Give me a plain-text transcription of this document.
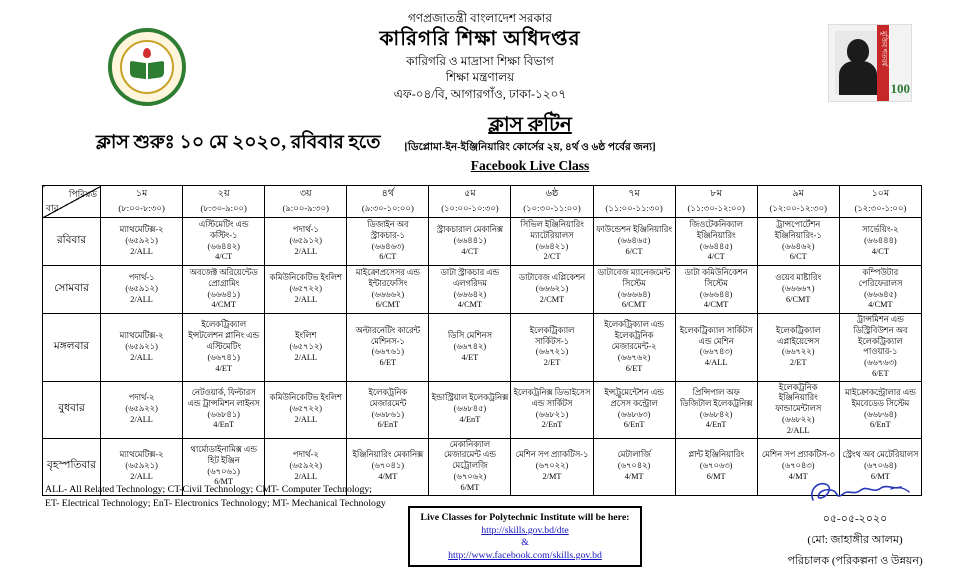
গণপ্রজাতন্ত্রী বাংলাদেশ সরকার
কারিগরি শিক্ষা অধিদপ্তর
কারিগরি ও মাদ্রাসা শিক্ষা বিভাগ
শিক্ষা মন্ত্রণালয়
এফ-০৪/বি, আগারগাঁও, ঢাকা-১২০৭
মুজিব শতবর্ষ
100
ক্লাস শুরুঃ ১০ মে ২০২০, রবিবার হতে
ক্লাস রুটিন
[ডিপ্লোমা-ইন-ইঞ্জিনিয়ারিং কোর্সের ২য়, ৪র্থ ও ৬ষ্ঠ পর্বের জন্য]
Facebook Live Class
পিরিয়ড
বার

১ম
(৮:০০-৮:৩০)

২য়
(৮:৩০-৯:০০)

৩য়
(৯:০০-৯:৩০)

৪র্থ
(৯:৩০-১০:০০)

৫ম
(১০:০০-১০:৩০)

৬ষ্ঠ
(১০:৩০-১১:০০)

৭ম
(১১:০০-১১:৩০)

৮ম
(১১:৩০-১২:০০)

৯ম
(১২:০০-১২:৩০)

১০ম
(১২:৩০-১:০০)

রবিবার	
ম্যাথমেটিক্স-২
(৬৫৯২১)
2/ALL

এস্টিমেটিং এন্ড কস্টিং-১
(৬৬৪৪২)
4/CT

পদার্থ-১
(৬৫৯১২)
2/ALL

ডিজাইন অব স্ট্রাকচার-১
(৬৬৪৬৩)
6/CT

স্ট্রাকচারাল মেকানিক্স
(৬৬৪৪১)
4/CT

সিভিল ইঞ্জিনিয়ারিং ম্যাটেরিয়ালস
(৬৬৪২১)
2/CT

ফাউন্ডেশন ইঞ্জিনিয়ারিং
(৬৬৪৬৫)
6/CT

জিওটেকনিক্যাল ইঞ্জিনিয়ারিং
(৬৬৪৪৫)
4/CT

ট্রান্সপোর্টেশন ইঞ্জিনিয়ারিং-১
(৬৬৪৬২)
6/CT

সার্ভেয়িং-২
(৬৬৪৪৪)
4/CT

সোমবার	
পদার্থ-১
(৬৫৯১২)
2/ALL

অবজেক্ট অরিয়েন্টেড প্রোগ্রামিং
(৬৬৬৪১)
4/CMT

কমিউনিকেটিভ ইংলিশ
(৬৫৭২২)
2/ALL

মাইক্রোপ্রসেসর এন্ড ইন্টারফেসিং
(৬৬৬৬২)
6/CMT

ডাটা স্ট্রাকচার এন্ড এলগরিদম
(৬৬৬৪২)
4/CMT

ডাটাবেজ এপ্লিকেশন
(৬৬৬২১)
2/CMT

ডাটাবেজ ম্যানেজমেন্ট সিস্টেম
(৬৬৬৬৪)
6/CMT

ডাটা কমিউনিকেশন সিস্টেম
(৬৬৬৪৪)
4/CMT

ওয়েব মাষ্টারিং
(৬৬৬৬৭)
6/CMT

কম্পিউটার পেরিফেরালস
(৬৬৬৪৫)
4/CMT

মঙ্গলবার	
ম্যাথমেটিক্স-২
(৬৫৯২১)
2/ALL

ইলেকট্রিক্যাল ইন্সটলেশন প্লানিং এন্ড এস্টিমেটিং
(৬৬৭৪১)
4/ET

ইংলিশ
(৬৫৭১২)
2/ALL

অল্টারনেটিং কারেন্ট মেশিনস-১
(৬৬৭৬১)
6/ET

ডিসি মেশিনস
(৬৬৭৪২)
4/ET

ইলেকট্রিক্যাল সার্কিটস-১
(৬৬৭২১)
2/ET

ইলেকট্রিক্যাল এন্ড ইলেকট্রনিক মেজারমেন্ট-২
(৬৬৭৬২)
6/ET

ইলেকট্রিক্যাল সার্কিটস এন্ড মেশিন
(৬৬৭৪৩)
4/ALL

ইলেকট্রিক্যাল এপ্লাইয়েন্সেস
(৬৬৭২২)
2/ET

ট্রান্সমিশন এন্ড ডিস্ট্রিবিউশন অব ইলেকট্রিক্যাল পাওয়ার-১
(৬৬৭৬৩)
6/ET

বুধবার	
পদার্থ-২
(৬৫৯২২)
2/ALL

নেটওয়ার্ক, ফিল্টারস এন্ড ট্রান্সমিশন লাইনস
(৬৬৮৪১)
4/EnT

কমিউনিকেটিভ ইংলিশ
(৬৫৭২২)
2/ALL

ইলেকট্রনিক মেজারমেন্ট
(৬৬৮৬১)
6/EnT

ইন্ডাস্ট্রিয়াল ইলেকট্রনিক্স
(৬৬৮৪৫)
4/EnT

ইলেকট্রনিক্স ডিভাইসেস এন্ড সার্কিটস
(৬৬৮২১)
2/EnT

ইন্সট্রুমেন্টেশন এন্ড প্রসেস কন্ট্রোল
(৬৬৮৬৩)
6/EnT

প্রিন্সিপাল অফ ডিজিটাল ইলেকট্রনিক্স
(৬৬৮৪২)
4/EnT

ইলেকট্রনিক ইঞ্জিনিয়ারিং ফান্ডামেন্টালস
(৬৬৮২২)
2/ALL

মাইক্রোকন্ট্রোলার এন্ড ইমবেডেড সিস্টেম
(৬৬৮৬৪)
6/EnT

বৃহস্পতিবার	
ম্যাথমেটিক্স-২
(৬৫৯২১)
2/ALL

থার্মোডাইনামিক্স এন্ড হিট ইঞ্জিন
(৬৭০৬১)
6/MT

পদার্থ-২
(৬৫৯২২)
2/ALL

ইঞ্জিনিয়ারিং মেকানিক্স
(৬৭০৪১)
4/MT

মেকানিক্যাল মেজারমেন্ট এন্ড মেট্রোলজি
(৬৭০৬২)
6/MT

মেশিন সপ প্র্যাকটিস-১
(৬৭০২২)
2/MT

মেটালার্জি
(৬৭০৪২)
4/MT

প্লান্ট ইঞ্জিনিয়ারিং
(৬৭০৬৩)
6/MT

মেশিন সপ প্র্যাকটিস-৩
(৬৭০৪৩)
4/MT

স্ট্রেংথ অব মেটেরিয়ালস
(৬৭০৬৪)
6/MT
ALL- All Related Technology; CT-Civil Technology; CMT- Computer Technology;
ET- Electrical Technology; EnT- Electronics Technology; MT- Mechanical Technology
Live Classes for Polytechnic Institute will be here:
http://skills.gov.bd/dte
&
http://www.facebook.com/skills.gov.bd
০৫-০৫-২০২০
(মো: জাহাঙ্গীর আলম)
পরিচালক (পরিকল্পনা ও উন্নয়ন)
